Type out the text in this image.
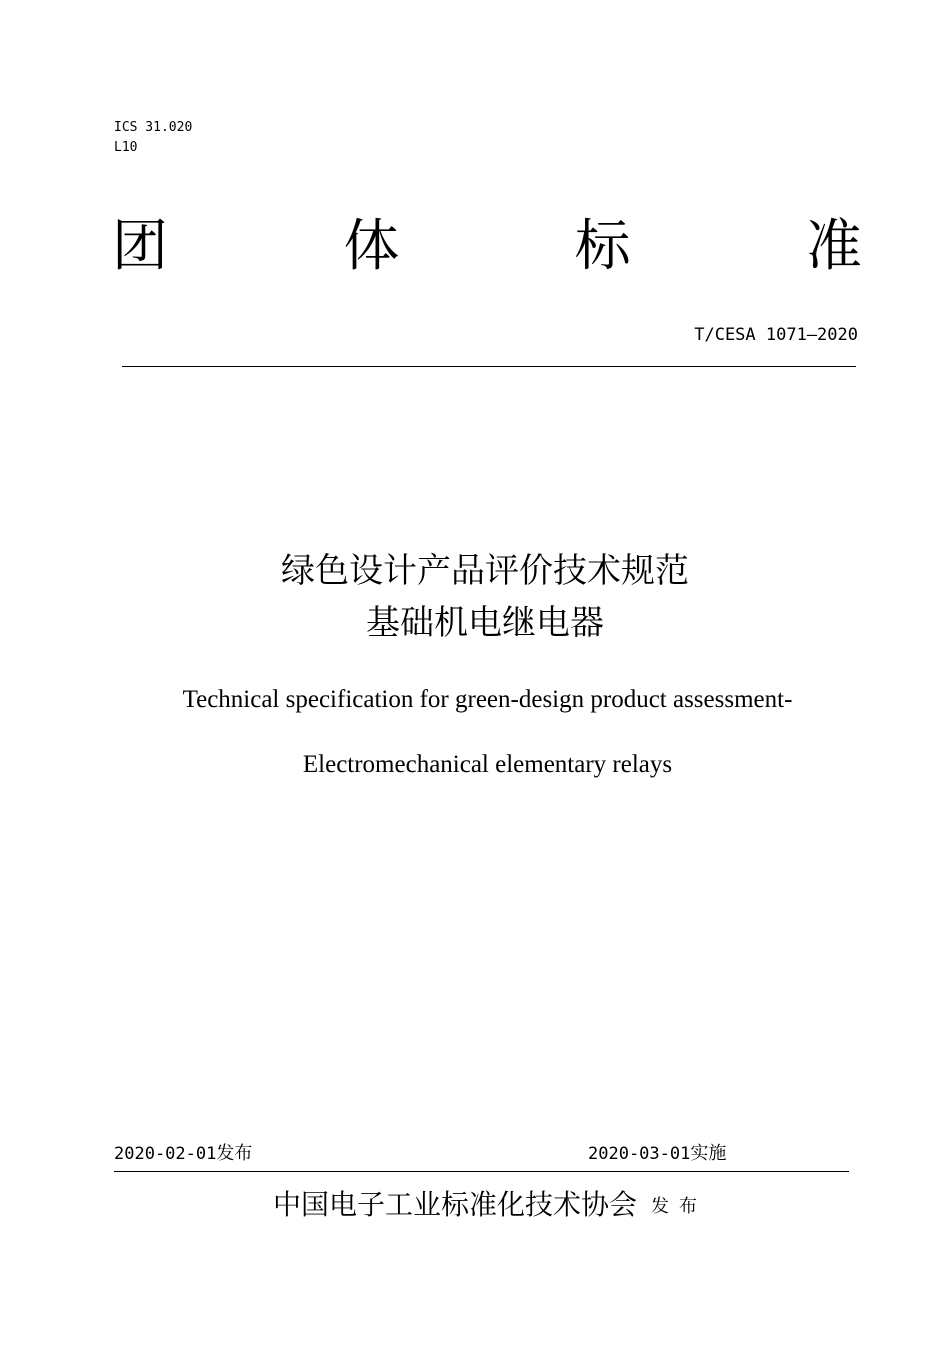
ICS 31.020
L10
团	体	标	准
T/CESA 1071—2020
绿色设计产品评价技术规范
基础机电继电器
Technical specification for green-design product assessment-
Electromechanical elementary relays
2020-02-01发布	2020-03-01实施
中国电子工业标准化技术协会 发布
